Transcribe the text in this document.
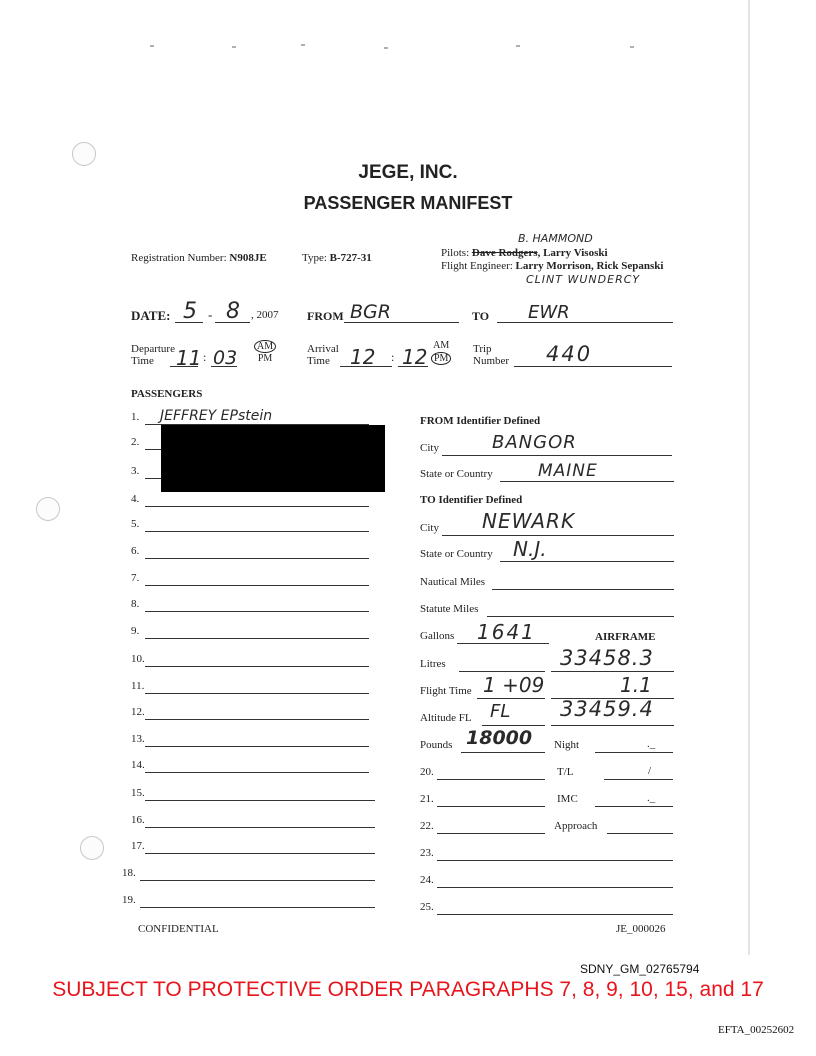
JEGE, INC.
PASSENGER MANIFEST
Registration Number: N908JE	Type: B-727-31
B. HAMMOND
Pilots: Dave Rodgers, Larry Visoski
Flight Engineer: Larry Morrison, Rick Sepanski
CLINT WUNDERCY
DATE: 5 - 8 , 2007 FROM BGR	TO EWR
Departure
Time	11 : 03
AM
PM
Arrival
Time	12 : 12 AM
PM
Trip
Number 440
PASSENGERS
1. JEFFREY EPstein
2.
3.
4.
5.
6.
7.
8.
9.
10.
11.
12.
13.
14.
15.
16.
17.
18.
19.
FROM Identifier Defined
City	BANGOR
State or Country	MAINE
TO Identifier Defined
City NEWARK
State or Country N.J.
Nautical Miles
Statute Miles
Gallons 1641	AIRFRAME
Litres	33458.3
Flight Time 1 +09	1.1
Altitude FL FL 33459.4
Pounds 18000 Night	._
20.	T/L	/
21.	IMC	._
22.	Approach
23.
24.
25.
CONFIDENTIAL	JE_000026
SDNY_GM_02765794
SUBJECT TO PROTECTIVE ORDER PARAGRAPHS 7, 8, 9, 10, 15, and 17
EFTA_00252602
